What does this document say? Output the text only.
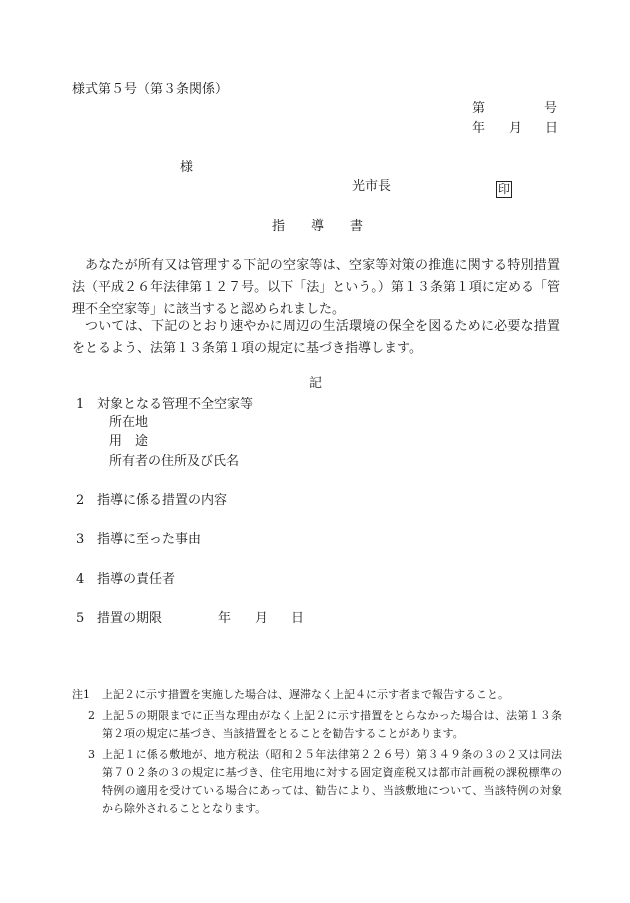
様式第５号（第３条関係）
第	号
年 月 日
様
光市長	印
指　　導　　書
あなたが所有又は管理する下記の空家等は、空家等対策の推進に関する特別措置法（平成２６年法律第１２７号。以下「法」という。）第１３条第１項に定める「管理不全空家等」に該当すると認められました。
ついては、下記のとおり速やかに周辺の生活環境の保全を図るために必要な措置をとるよう、法第１３条第１項の規定に基づき指導します。
記
1 対象となる管理不全空家等
所在地
用　途
所有者の住所及び氏名
2 指導に係る措置の内容
3 指導に至った事由
4 指導の責任者
5 措置の期限	年 月 日
注1	上記２に示す措置を実施した場合は、遅滞なく上記４に示す者まで報告すること。
2 上記５の期限までに正当な理由がなく上記２に示す措置をとらなかった場合は、法第１３条第２項の規定に基づき、当該措置をとることを勧告することがあります。
3 上記１に係る敷地が、地方税法（昭和２５年法律第２２６号）第３４９条の３の２又は同法第７０２条の３の規定に基づき、住宅用地に対する固定資産税又は都市計画税の課税標準の特例の適用を受けている場合にあっては、勧告により、当該敷地について、当該特例の対象から除外されることとなります。
